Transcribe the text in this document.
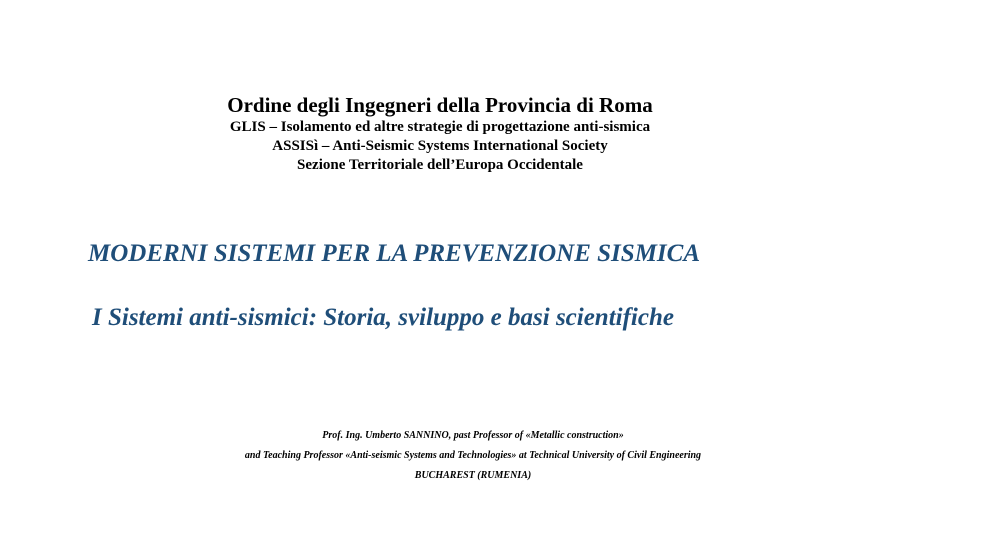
Ordine degli Ingegneri della Provincia di Roma

GLIS – Isolamento ed altre strategie di progettazione anti-sismica

ASSISì – Anti-Seismic Systems International Society

Sezione Territoriale dell’Europa Occidentale

MODERNI SISTEMI PER LA PREVENZIONE SISMICA
I Sistemi anti-sismici: Storia, sviluppo e basi scientifiche

Prof. Ing. Umberto SANNINO, past Professor of «Metallic construction»

and Teaching Professor «Anti-seismic Systems and Technologies» at Technical University of Civil Engineering

BUCHAREST (RUMENIA)
